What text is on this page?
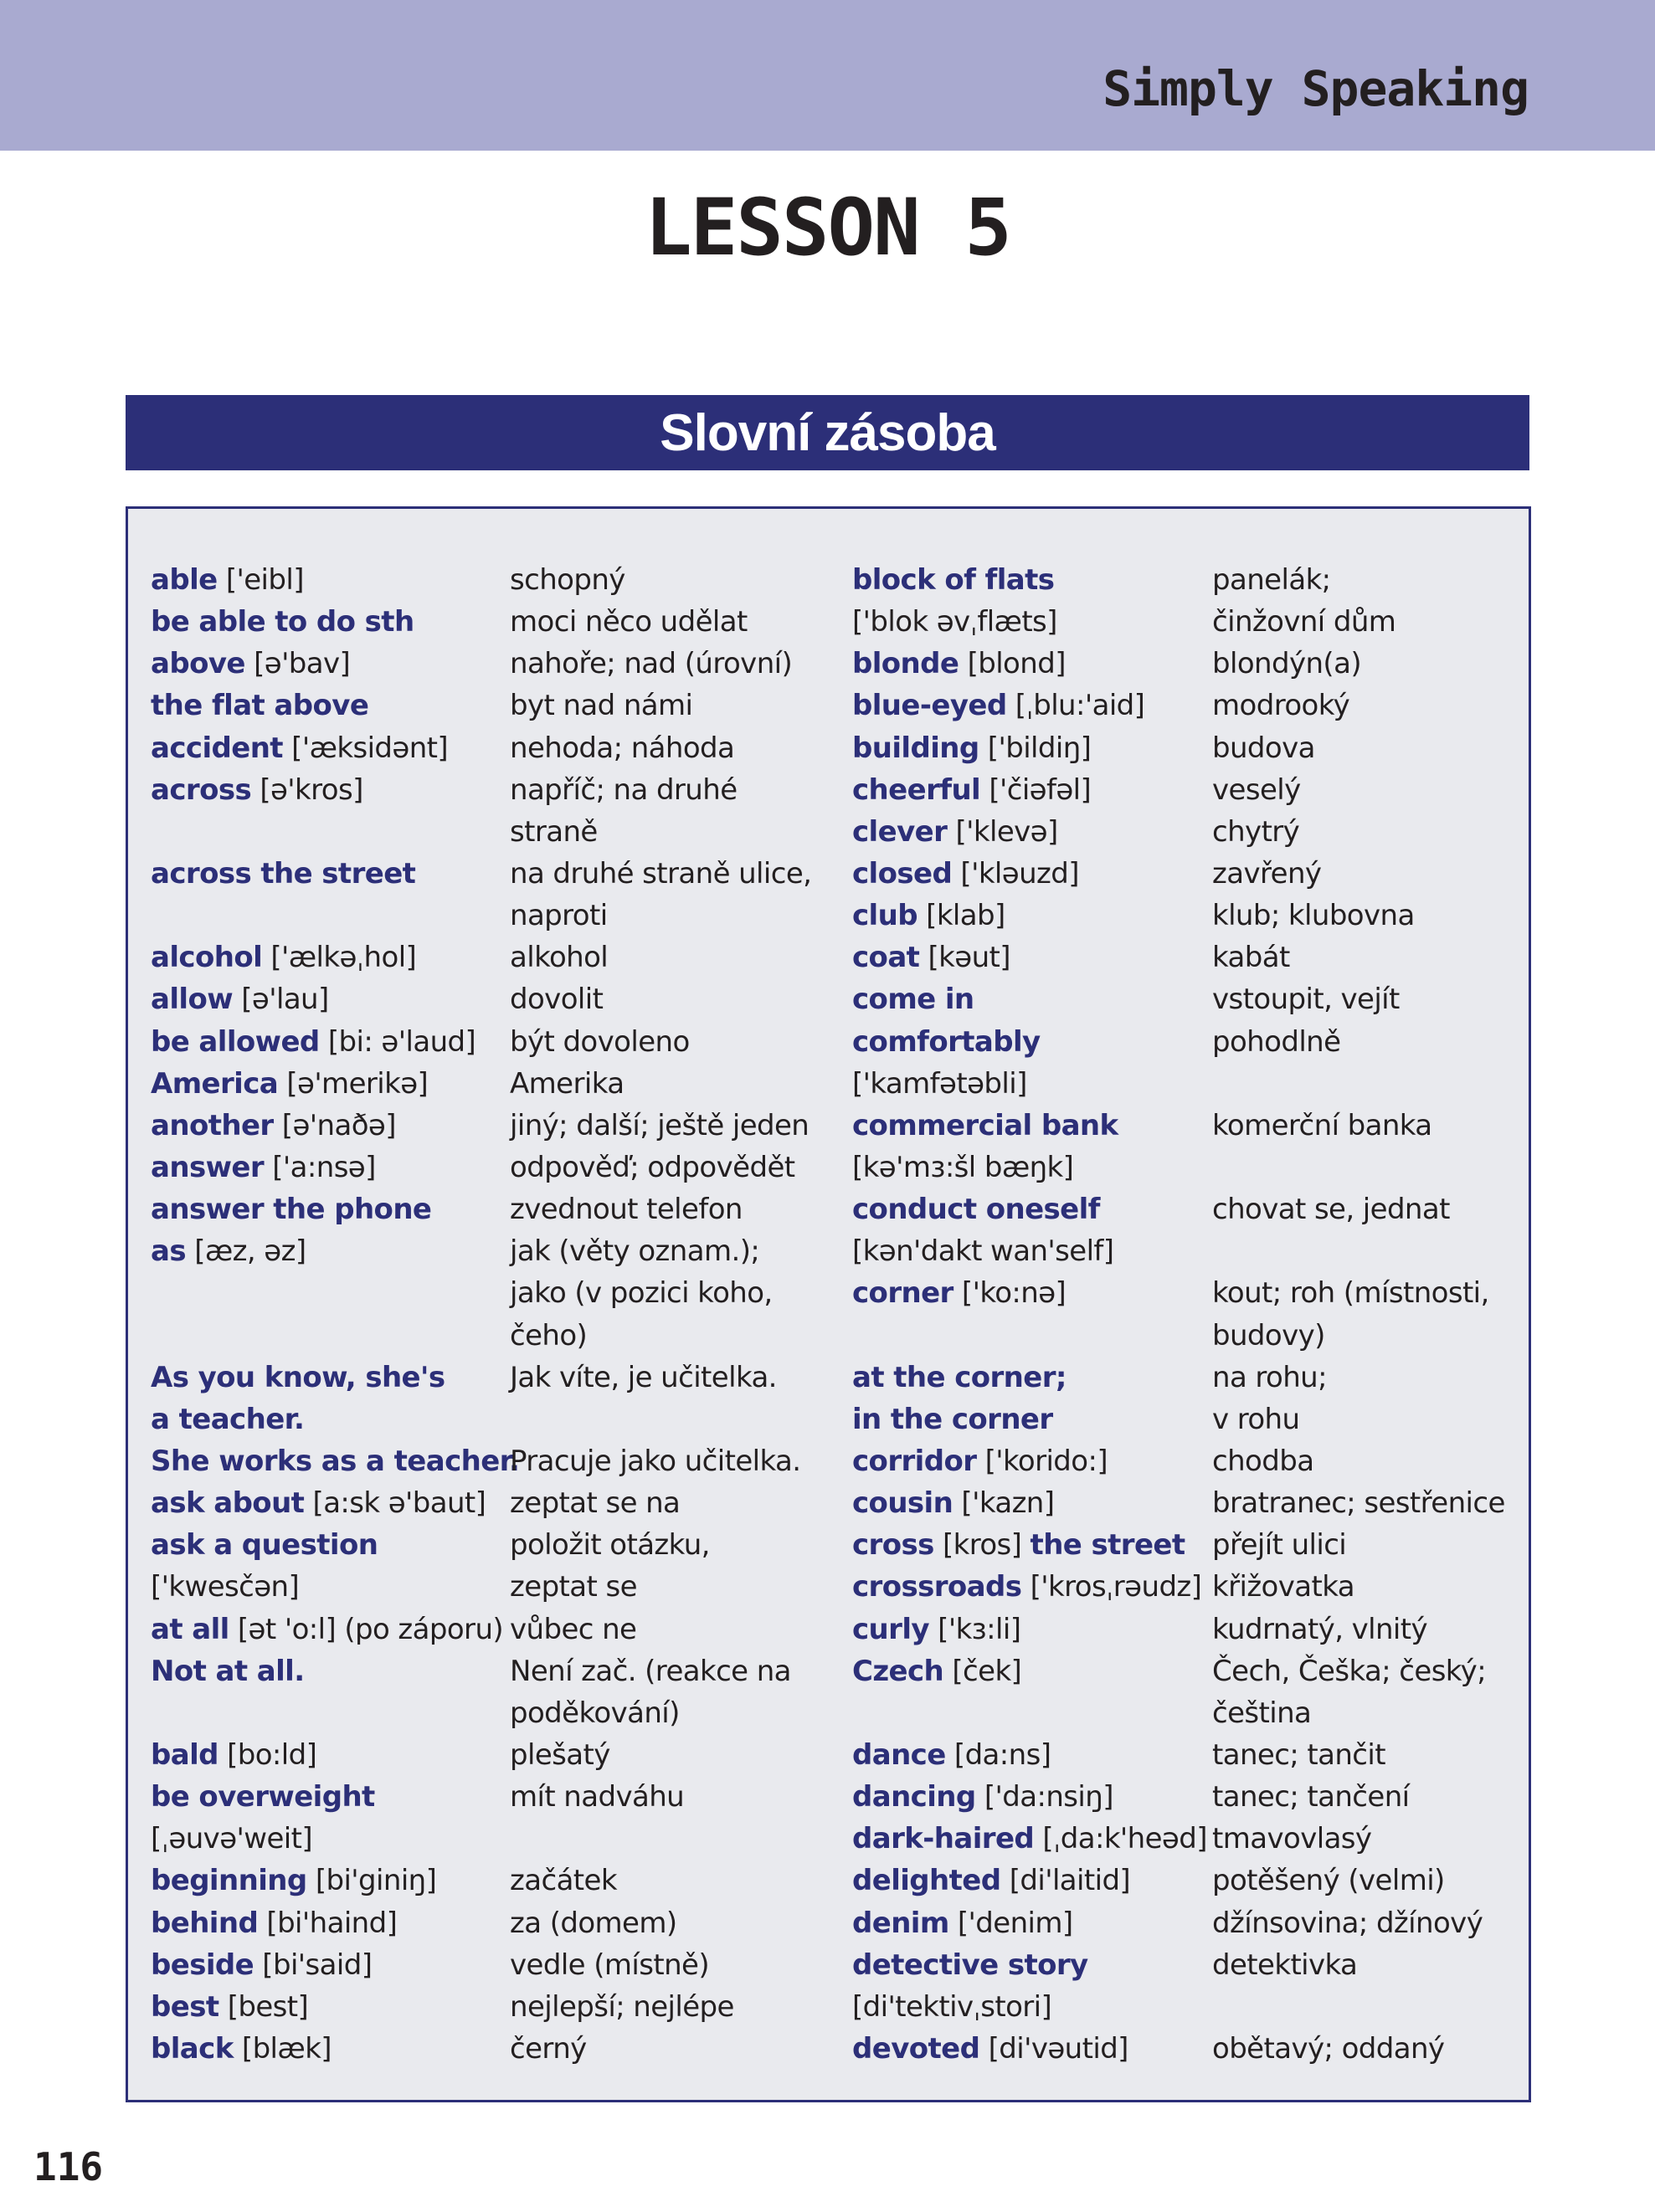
Simply Speaking
LESSON 5
Slovní zásoba
able ['eibl]
be able to do sth
above [ə'bav]
the flat above
accident ['æksidənt]
across [ə'kros]
across the street
alcohol ['ælkəˌhol]
allow [ə'lau]
be allowed [bi: ə'laud]
America [ə'merikə]
another [ə'naðə]
answer ['a:nsə]
answer the phone
as [æz, əz]
As you know, she's
a teacher.
She works as a teacher.
ask about [a:sk ə'baut]
ask a question
['kwesčən]
at all [ət 'o:l] (po záporu)
Not at all.
bald [bo:ld]
be overweight
[ˌəuvə'weit]
beginning [bi'giniŋ]
behind [bi'haind]
beside [bi'said]
best [best]
black [blæk]
schopný
moci něco udělat
nahoře; nad (úrovní)
byt nad námi
nehoda; náhoda
napříč; na druhé
straně
na druhé straně ulice,
naproti
alkohol
dovolit
být dovoleno
Amerika
jiný; další; ještě jeden
odpověď; odpovědět
zvednout telefon
jak (věty oznam.);
jako (v pozici koho,
čeho)
Jak víte, je učitelka.
Pracuje jako učitelka.
zeptat se na
položit otázku,
zeptat se
vůbec ne
Není zač. (reakce na
poděkování)
plešatý
mít nadváhu
začátek
za (domem)
vedle (místně)
nejlepší; nejlépe
černý
block of flats
['blok əvˌflæts]
blonde [blond]
blue-eyed [ˌblu:'aid]
building ['bildiŋ]
cheerful ['čiəfəl]
clever ['klevə]
closed ['kləuzd]
club [klab]
coat [kəut]
come in
comfortably
['kamfətəbli]
commercial bank
[kə'mɜ:šl bæŋk]
conduct oneself
[kən'dakt wan'self]
corner ['ko:nə]
at the corner;
in the corner
corridor ['korido:]
cousin ['kazn]
cross [kros] the street
crossroads ['krosˌrəudz]
curly ['kɜ:li]
Czech [ček]
dance [da:ns]
dancing ['da:nsiŋ]
dark-haired [ˌda:k'heəd]
delighted [di'laitid]
denim ['denim]
detective story
[di'tektivˌstori]
devoted [di'vəutid]
panelák;
činžovní dům
blondýn(a)
modrooký
budova
veselý
chytrý
zavřený
klub; klubovna
kabát
vstoupit, vejít
pohodlně
komerční banka
chovat se, jednat
kout; roh (místnosti,
budovy)
na rohu;
v rohu
chodba
bratranec; sestřenice
přejít ulici
křižovatka
kudrnatý, vlnitý
Čech, Češka; český;
čeština
tanec; tančit
tanec; tančení
tmavovlasý
potěšený (velmi)
džínsovina; džínový
detektivka
obětavý; oddaný
116
